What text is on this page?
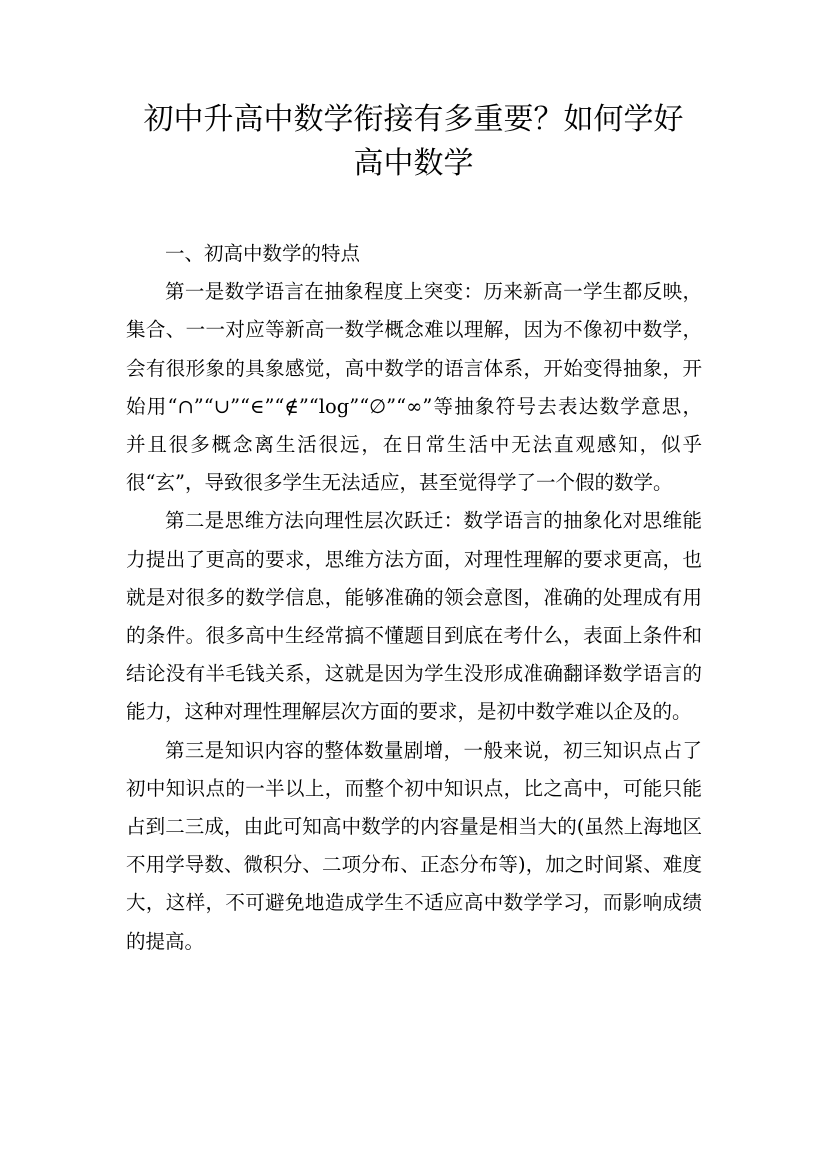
初中升高中数学衔接有多重要？如何学好
高中数学

一、初高中数学的特点

第一是数学语言在抽象程度上突变：历来新高一学生都反映，集合、一一对应等新高一数学概念难以理解，因为不像初中数学，会有很形象的具象感觉，高中数学的语言体系，开始变得抽象，开始用“∩”“∪”“∈”“∉”“log”“∅”“∞”等抽象符号去表达数学意思，并且很多概念离生活很远，在日常生活中无法直观感知，似乎很“玄”，导致很多学生无法适应，甚至觉得学了一个假的数学。

第二是思维方法向理性层次跃迁：数学语言的抽象化对思维能力提出了更高的要求，思维方法方面，对理性理解的要求更高，也就是对很多的数学信息，能够准确的领会意图，准确的处理成有用的条件。很多高中生经常搞不懂题目到底在考什么，表面上条件和结论没有半毛钱关系，这就是因为学生没形成准确翻译数学语言的能力，这种对理性理解层次方面的要求，是初中数学难以企及的。

第三是知识内容的整体数量剧增，一般来说，初三知识点占了初中知识点的一半以上，而整个初中知识点，比之高中，可能只能占到二三成，由此可知高中数学的内容量是相当大的(虽然上海地区不用学导数、微积分、二项分布、正态分布等)，加之时间紧、难度大，这样，不可避免地造成学生不适应高中数学学习，而影响成绩的提高。
